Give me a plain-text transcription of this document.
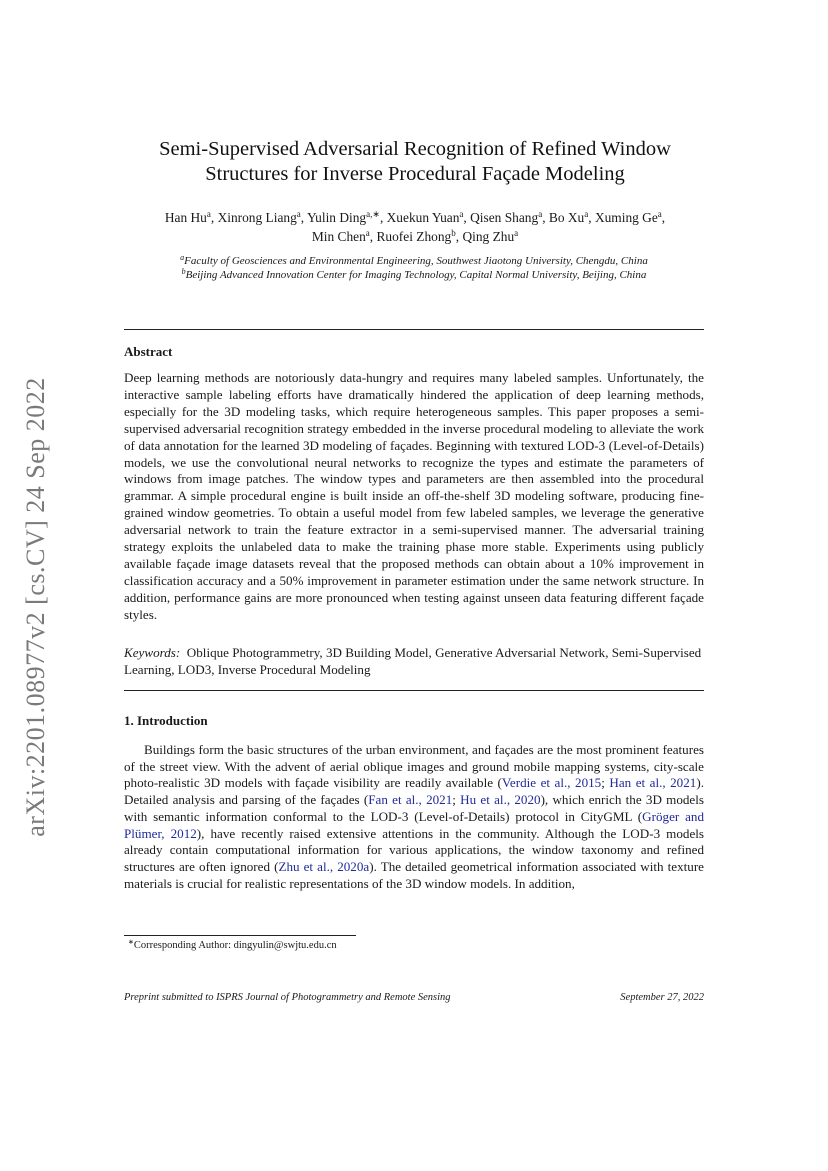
arXiv:2201.08977v2 [cs.CV] 24 Sep 2022
Semi-Supervised Adversarial Recognition of Refined Window
Structures for Inverse Procedural Façade Modeling
Han Hu$^a$, Xinrong Liang$^a$, Yulin Ding$^{a,∗}$, Xuekun Yuan$^a$, Qisen Shang$^a$, Bo Xu$^a$, Xuming Ge$^a$,
Min Chen$^a$, Ruofei Zhong$^b$, Qing Zhu$^a$
$^a$Faculty of Geosciences and Environmental Engineering, Southwest Jiaotong University, Chengdu, China
$^b$Beijing Advanced Innovation Center for Imaging Technology, Capital Normal University, Beijing, China
Abstract
Deep learning methods are notoriously data-hungry and requires many labeled samples. Unfortunately, the interactive sample labeling efforts have dramatically hindered the application of deep learning methods, especially for the 3D modeling tasks, which require heterogeneous samples. This paper proposes a semi-supervised adversarial recognition strategy embedded in the inverse procedural modeling to alleviate the work of data annotation for the learned 3D modeling of façades. Beginning with textured LOD-3 (Level-of-Details) models, we use the convolutional neural networks to recognize the types and estimate the parameters of windows from image patches. The window types and parameters are then assembled into the procedural grammar. A simple procedural engine is built inside an off-the-shelf 3D modeling software, producing fine-grained window geometries. To obtain a useful model from few labeled samples, we leverage the generative adversarial network to train the feature extractor in a semi-supervised manner. The adversarial training strategy exploits the unlabeled data to make the training phase more stable. Experiments using publicly available façade image datasets reveal that the proposed methods can obtain about a 10% improvement in classification accuracy and a 50% improvement in parameter estimation under the same network structure. In addition, performance gains are more pronounced when testing against unseen data featuring different façade styles.
Keywords: Oblique Photogrammetry, 3D Building Model, Generative Adversarial Network, Semi-Supervised Learning, LOD3, Inverse Procedural Modeling
1. Introduction
Buildings form the basic structures of the urban environment, and façades are the most prominent features of the street view. With the advent of aerial oblique images and ground mobile mapping systems, city-scale photo-realistic 3D models with façade visibility are readily available (Verdie et al., 2015; Han et al., 2021). Detailed analysis and parsing of the façades (Fan et al., 2021; Hu et al., 2020), which enrich the 3D models with semantic information conformal to the LOD-3 (Level-of-Details) protocol in CityGML (Gröger and Plümer, 2012), have recently raised extensive attentions in the community. Although the LOD-3 models already contain computational information for various applications, the window taxonomy and refined structures are often ignored (Zhu et al., 2020a). The detailed geometrical information associated with texture materials is crucial for realistic representations of the 3D window models. In addition,
∗Corresponding Author: dingyulin@swjtu.edu.cn
Preprint submitted to ISPRS Journal of Photogrammetry and Remote Sensing	September 27, 2022
